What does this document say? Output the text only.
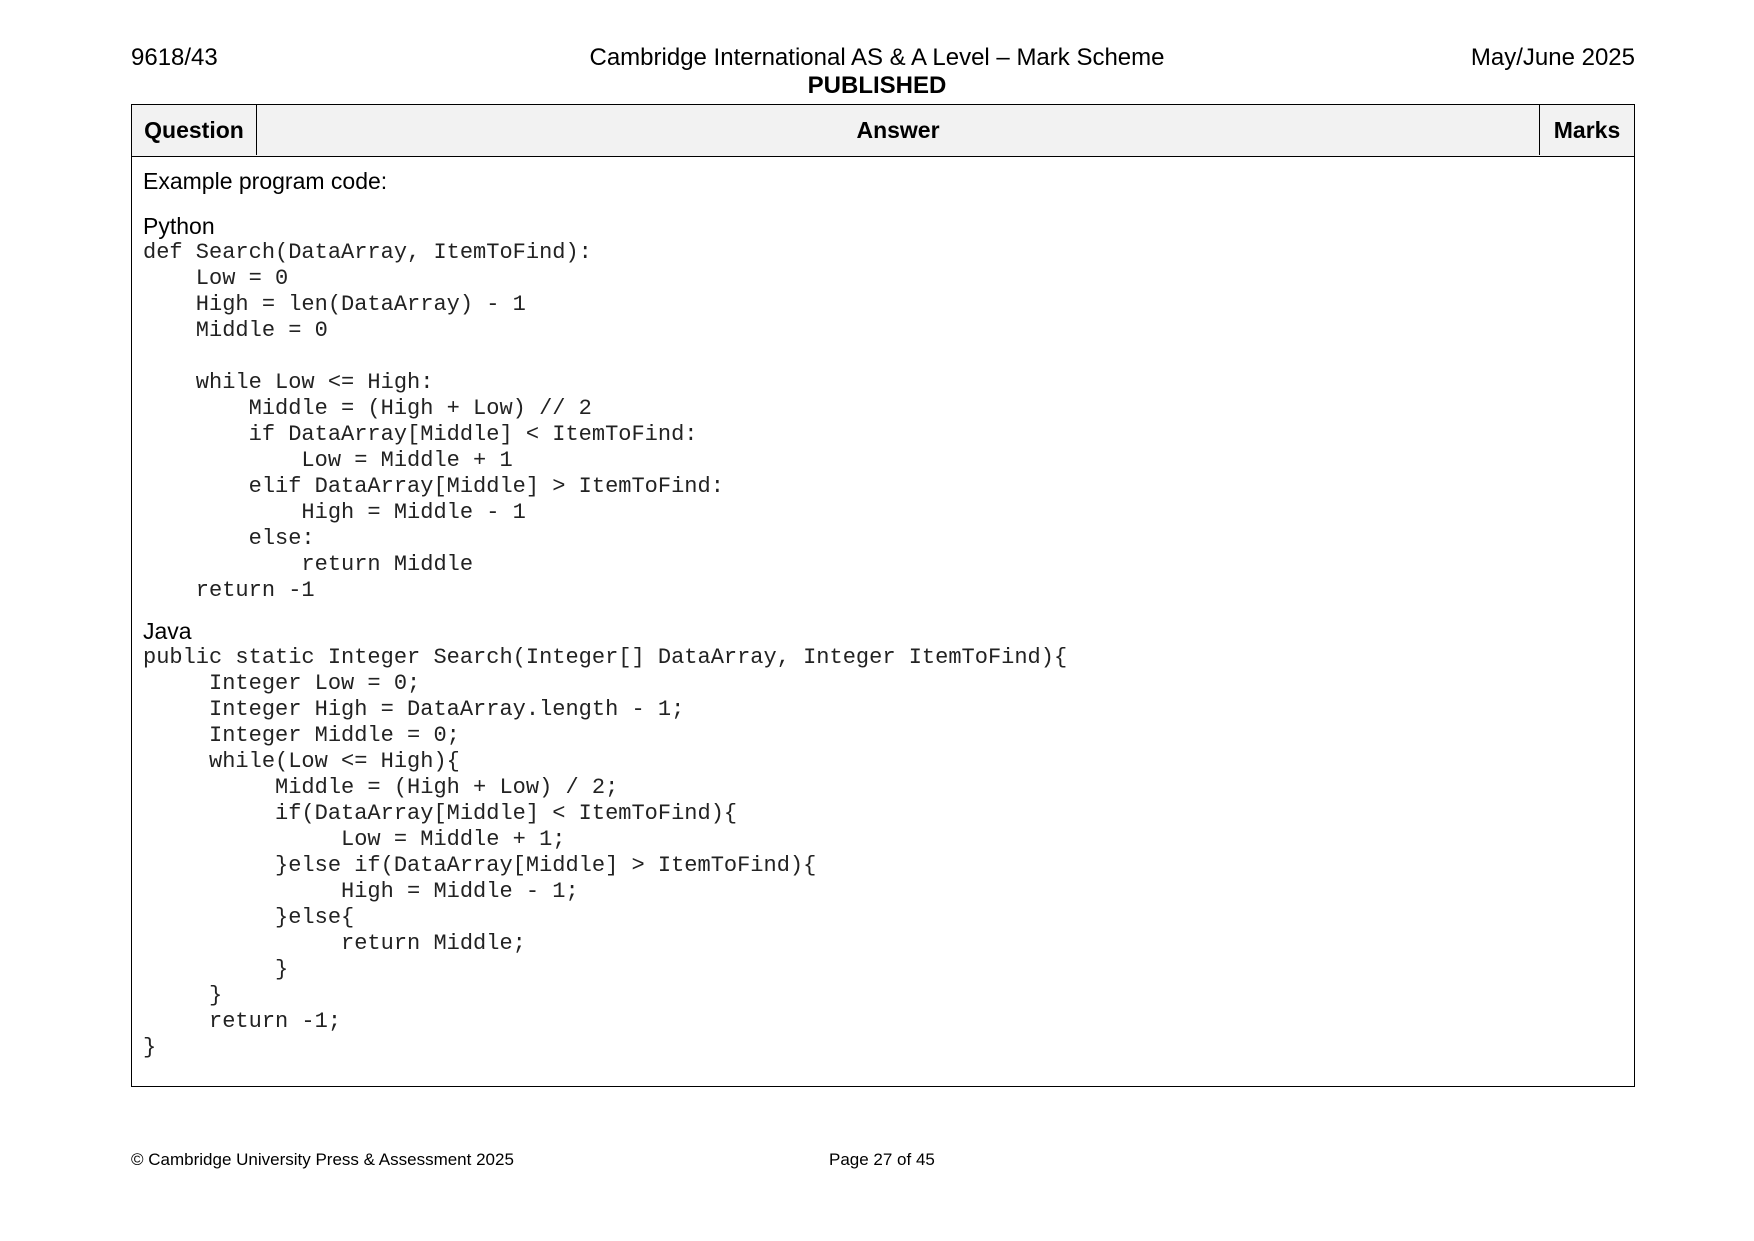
9618/43	Cambridge International AS & A Level – Mark Scheme	May/June 2025
PUBLISHED
Question	Answer	Marks

Example program code:

Python

def Search(DataArray, ItemToFind):
Low = 0
High = len(DataArray) - 1
Middle = 0

while Low <= High:
Middle = (High + Low) // 2
if DataArray[Middle] < ItemToFind:
Low = Middle + 1
elif DataArray[Middle] > ItemToFind:
High = Middle - 1
else:
return Middle
return -1

Java

public static Integer Search(Integer[] DataArray, Integer ItemToFind){
Integer Low = 0;
Integer High = DataArray.length - 1;
Integer Middle = 0;
while(Low <= High){
Middle = (High + Low) / 2;
if(DataArray[Middle] < ItemToFind){
Low = Middle + 1;
}else if(DataArray[Middle] > ItemToFind){
High = Middle - 1;
}else{
return Middle;
}
}
return -1;
}
© Cambridge University Press & Assessment 2025	Page 27 of 45
